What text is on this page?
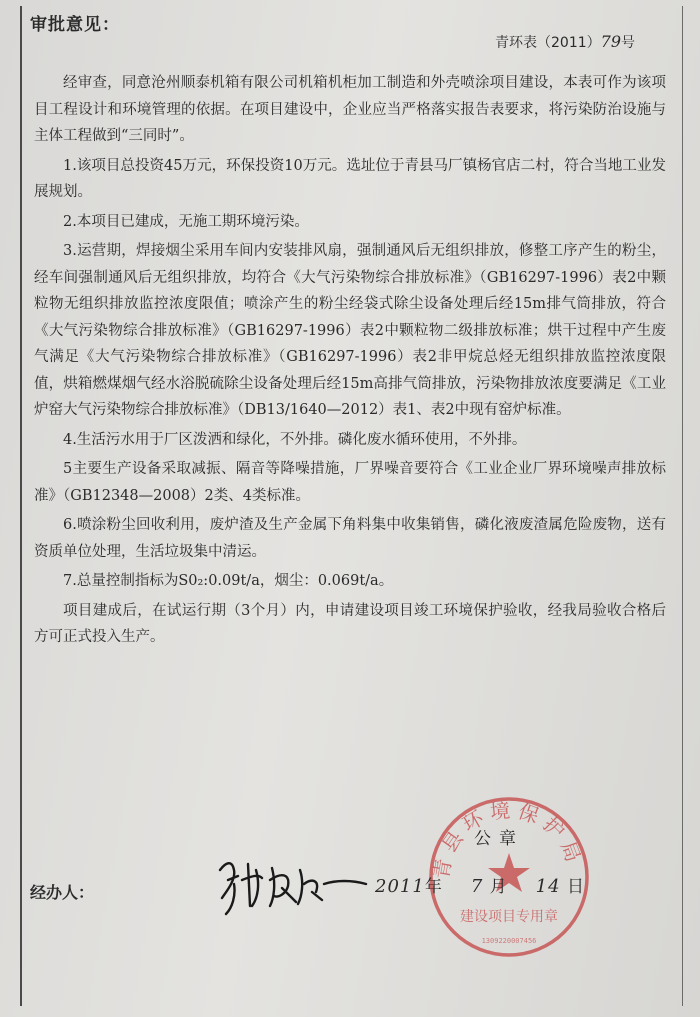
审批意见：
青环表（2011）79号

经审查，同意沧州顺泰机箱有限公司机箱机柜加工制造和外壳喷涂项目建设，本表可作为该项目工程设计和环境管理的依据。在项目建设中，企业应当严格落实报告表要求，将污染防治设施与主体工程做到“三同时”。

1.该项目总投资45万元，环保投资10万元。选址位于青县马厂镇杨官店二村，符合当地工业发展规划。

2.本项目已建成，无施工期环境污染。

3.运营期，焊接烟尘采用车间内安装排风扇，强制通风后无组织排放，修整工序产生的粉尘，经车间强制通风后无组织排放，均符合《大气污染物综合排放标准》（GB16297-1996）表2中颗粒物无组织排放监控浓度限值；喷涂产生的粉尘经袋式除尘设备处理后经15m排气筒排放，符合《大气污染物综合排放标准》（GB16297-1996）表2中颗粒物二级排放标准；烘干过程中产生废气满足《大气污染物综合排放标准》（GB16297-1996）表2非甲烷总烃无组织排放监控浓度限值，烘箱燃煤烟气经水浴脱硫除尘设备处理后经15m高排气筒排放，污染物排放浓度要满足《工业炉窑大气污染物综合排放标准》（DB13/1640—2012）表1、表2中现有窑炉标准。

4.生活污水用于厂区泼洒和绿化，不外排。磷化废水循环使用，不外排。

5主要生产设备采取减振、隔音等降噪措施，厂界噪音要符合《工业企业厂界环境噪声排放标准》（GB12348—2008）2类、4类标准。

6.喷涂粉尘回收利用，废炉渣及生产金属下角料集中收集销售，磷化液废渣属危险废物，送有资质单位处理，生活垃圾集中清运。

7.总量控制指标为S0₂:0.09t/a，烟尘：0.069t/a。

项目建成后，在试运行期（3个月）内，申请建设项目竣工环境保护验收，经我局验收合格后方可正式投入生产。

青县环境保护局
建设项目专用章
1309220007456
公章
经办人：	2011年 7 月 14 日
